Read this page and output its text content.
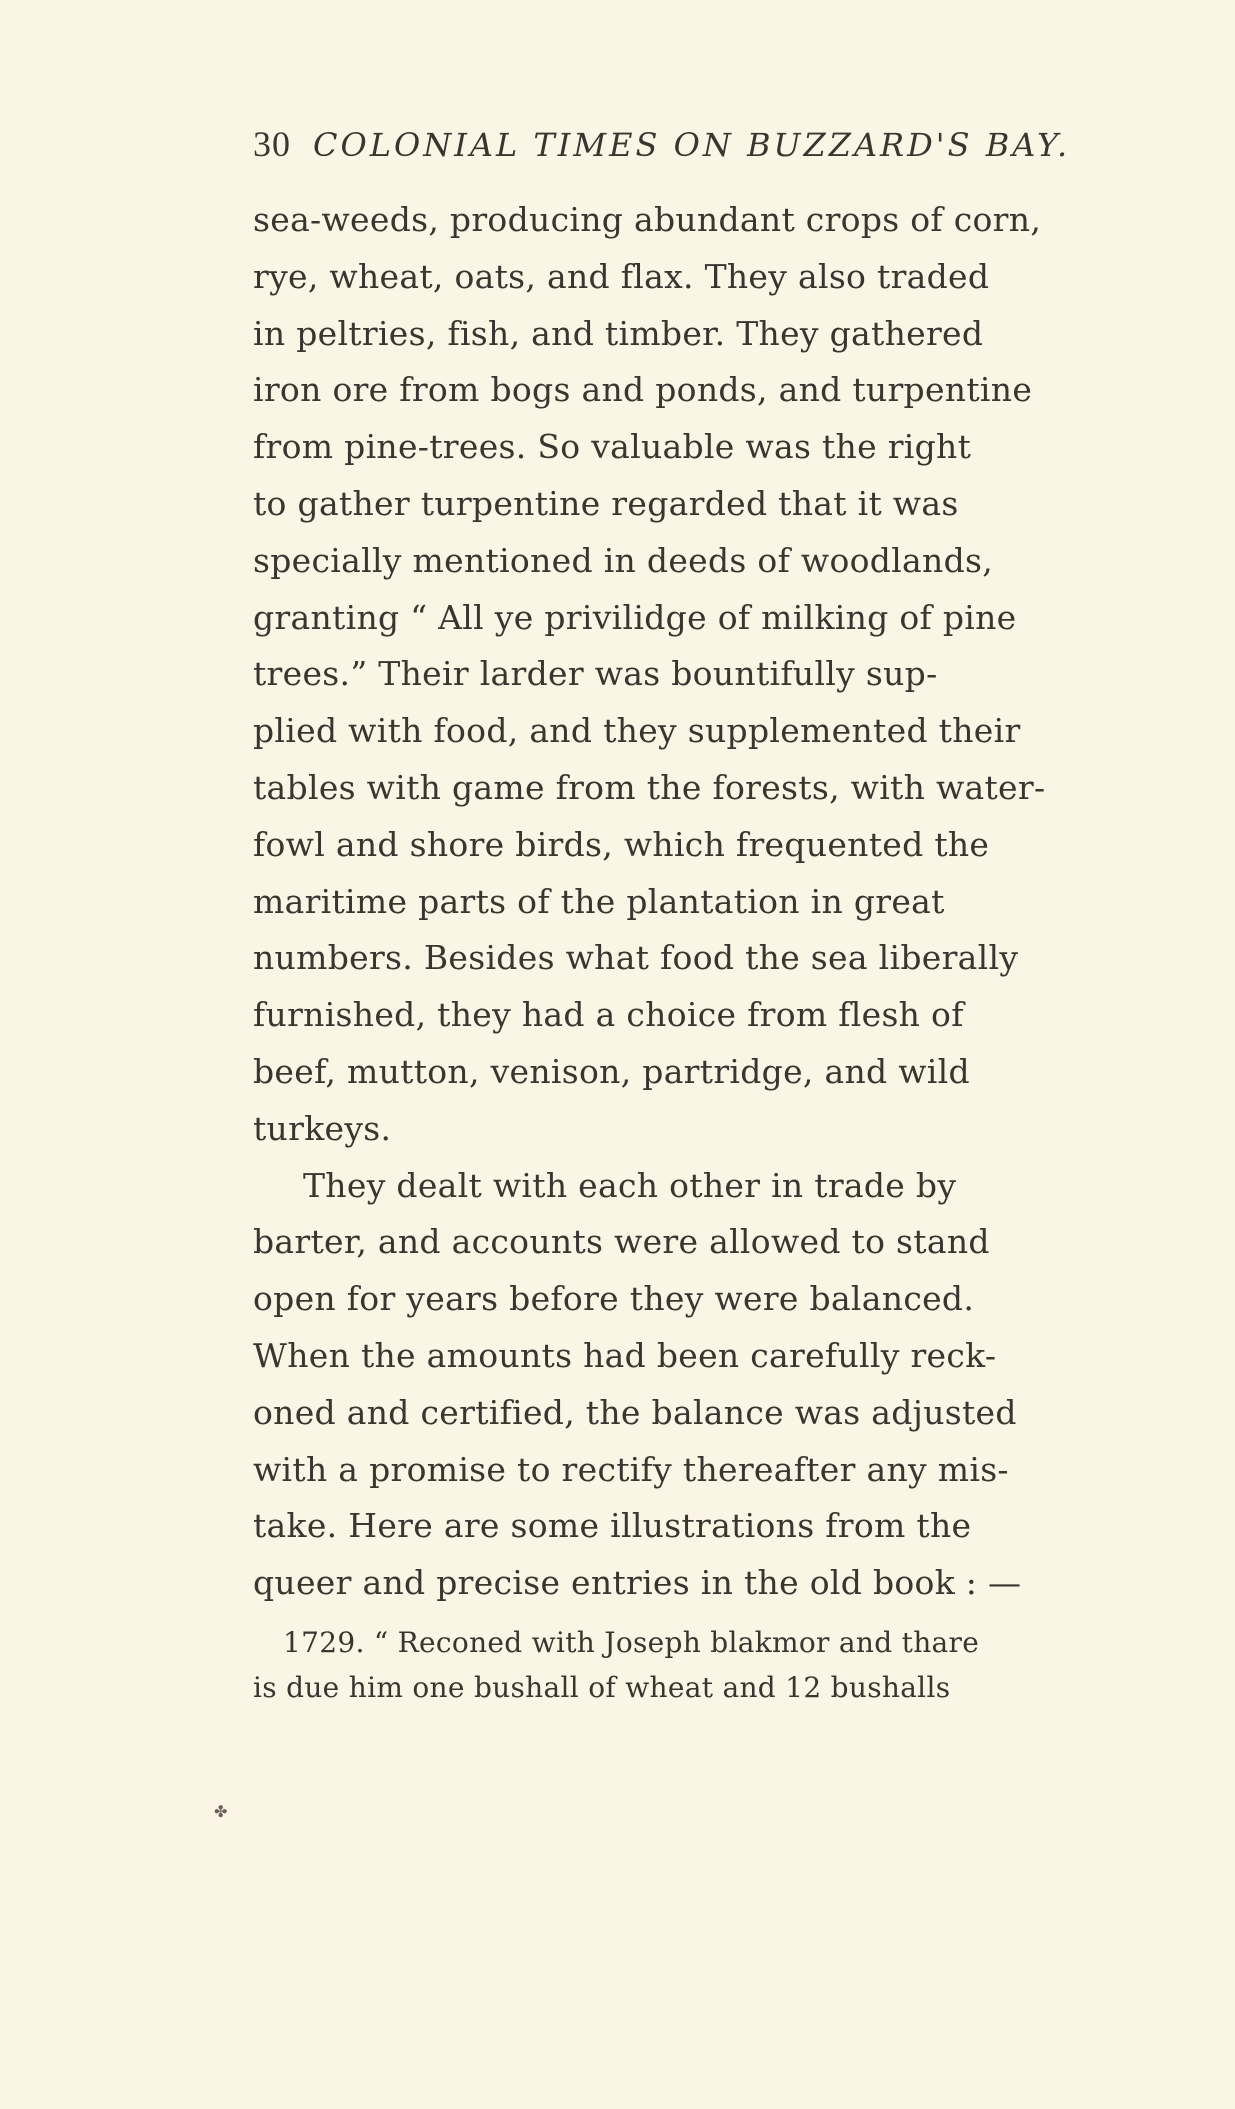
30 COLONIAL TIMES ON BUZZARD'S BAY.
sea-weeds, producing abundant crops of corn,
rye, wheat, oats, and flax. They also traded
in peltries, fish, and timber. They gathered
iron ore from bogs and ponds, and turpentine
from pine-trees. So valuable was the right
to gather turpentine regarded that it was
specially mentioned in deeds of woodlands,
granting “ All ye privilidge of milking of pine
trees.” Their larder was bountifully sup-
plied with food, and they supplemented their
tables with game from the forests, with water-
fowl and shore birds, which frequented the
maritime parts of the plantation in great
numbers. Besides what food the sea liberally
furnished, they had a choice from flesh of
beef, mutton, venison, partridge, and wild
turkeys.
They dealt with each other in trade by
barter, and accounts were allowed to stand
open for years before they were balanced.
When the amounts had been carefully reck-
oned and certified, the balance was adjusted
with a promise to rectify thereafter any mis-
take. Here are some illustrations from the
queer and precise entries in the old book : —
1729. “ Reconed with Joseph blakmor and thare
is due him one bushall of wheat and 12 bushalls
✤
